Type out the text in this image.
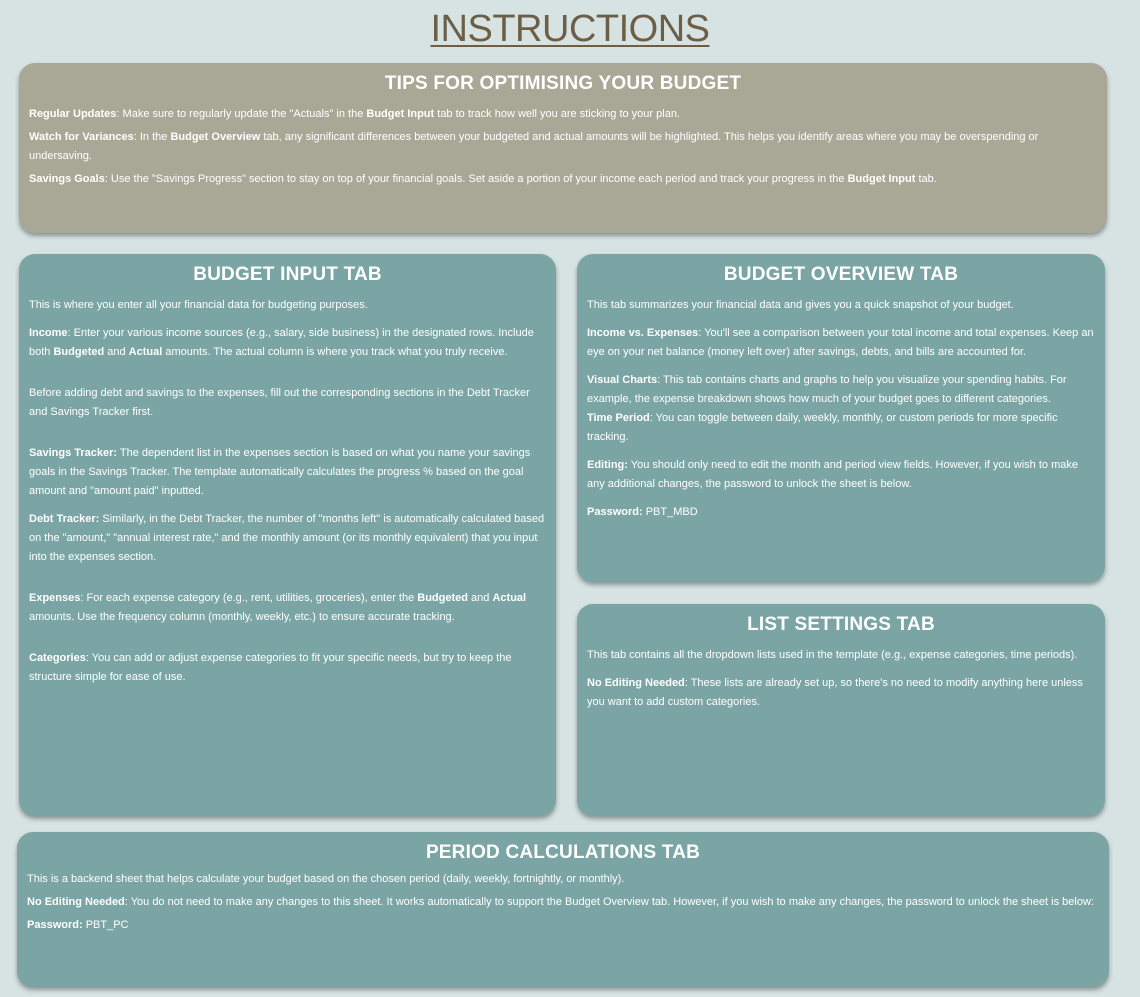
INSTRUCTIONS
TIPS FOR OPTIMISING YOUR BUDGET

Regular Updates: Make sure to regularly update the "Actuals" in the Budget Input tab to track how well you are sticking to your plan.

Watch for Variances: In the Budget Overview tab, any significant differences between your budgeted and actual amounts will be highlighted. This helps you identify areas where you may be overspending or undersaving.

Savings Goals: Use the "Savings Progress" section to stay on top of your financial goals. Set aside a portion of your income each period and track your progress in the Budget Input tab.

BUDGET INPUT TAB

This is where you enter all your financial data for budgeting purposes.

Income: Enter your various income sources (e.g., salary, side business) in the designated rows. Include both Budgeted and Actual amounts. The actual column is where you track what you truly receive.

Before adding debt and savings to the expenses, fill out the corresponding sections in the Debt Tracker and Savings Tracker first.

Savings Tracker: The dependent list in the expenses section is based on what you name your savings goals in the Savings Tracker. The template automatically calculates the progress % based on the goal amount and "amount paid" inputted.

Debt Tracker: Similarly, in the Debt Tracker, the number of "months left" is automatically calculated based on the "amount," "annual interest rate," and the monthly amount (or its monthly equivalent) that you input into the expenses section.

Expenses: For each expense category (e.g., rent, utilities, groceries), enter the Budgeted and Actual amounts. Use the frequency column (monthly, weekly, etc.) to ensure accurate tracking.

Categories: You can add or adjust expense categories to fit your specific needs, but try to keep the structure simple for ease of use.

BUDGET OVERVIEW TAB

This tab summarizes your financial data and gives you a quick snapshot of your budget.

Income vs. Expenses: You'll see a comparison between your total income and total expenses. Keep an eye on your net balance (money left over) after savings, debts, and bills are accounted for.

Visual Charts: This tab contains charts and graphs to help you visualize your spending habits. For example, the expense breakdown shows how much of your budget goes to different categories.

Time Period: You can toggle between daily, weekly, monthly, or custom periods for more specific tracking.

Editing: You should only need to edit the month and period view fields. However, if you wish to make any additional changes, the password to unlock the sheet is below.

Password: PBT_MBD

LIST SETTINGS TAB

This tab contains all the dropdown lists used in the template (e.g., expense categories, time periods).

No Editing Needed: These lists are already set up, so there's no need to modify anything here unless you want to add custom categories.

PERIOD CALCULATIONS TAB

This is a backend sheet that helps calculate your budget based on the chosen period (daily, weekly, fortnightly, or monthly).

No Editing Needed: You do not need to make any changes to this sheet. It works automatically to support the Budget Overview tab. However, if you wish to make any changes, the password to unlock the sheet is below:

Password: PBT_PC
